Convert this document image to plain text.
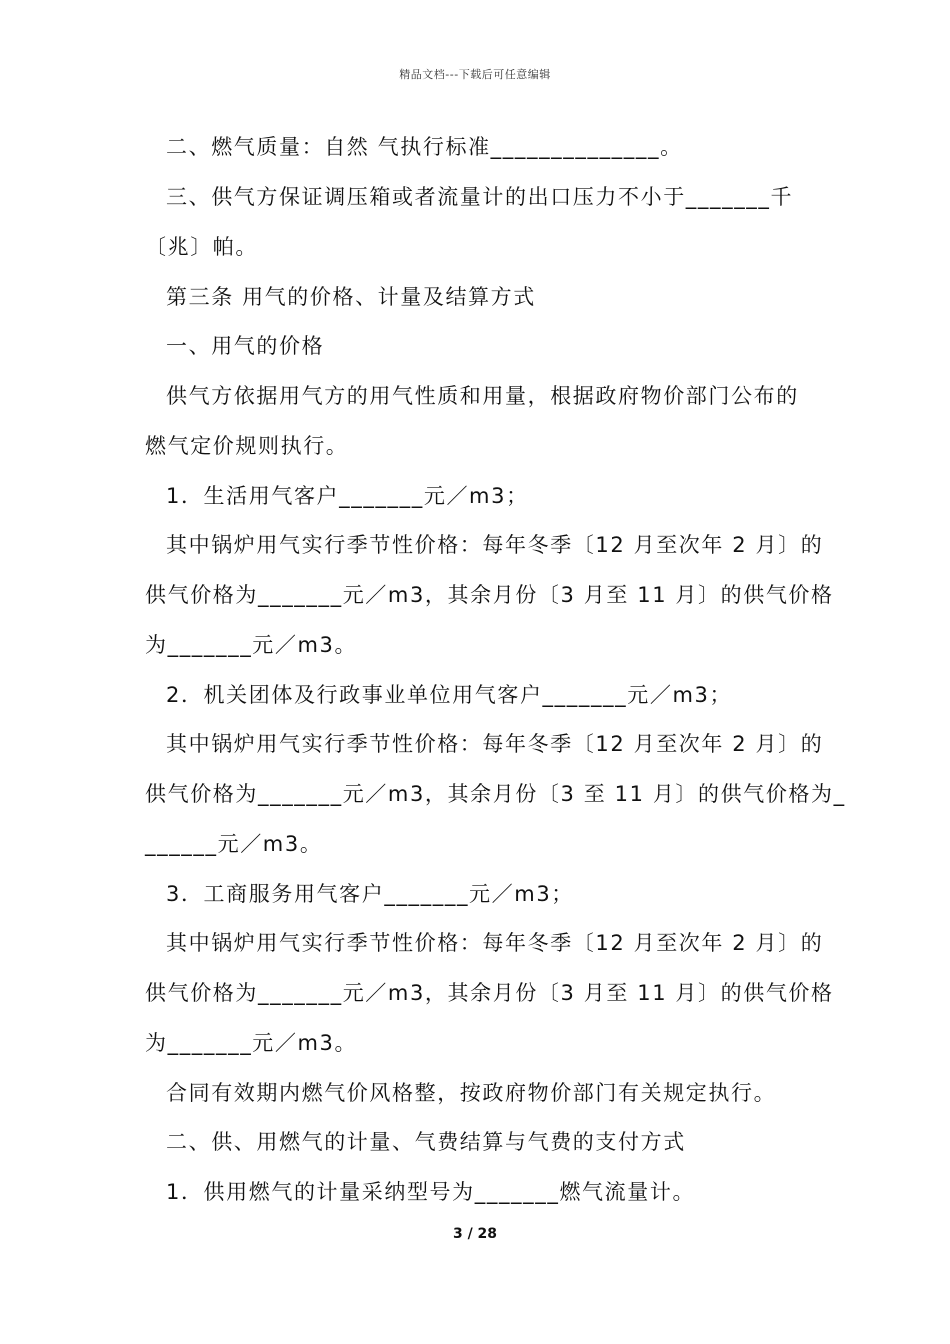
精品文档---下载后可任意编辑
二、燃气质量：自然 气执行标准______________。
三、供气方保证调压箱或者流量计的出口压力不小于_______千
〔兆〕帕。
第三条 用气的价格、计量及结算方式
一、用气的价格
供气方依据用气方的用气性质和用量，根据政府物价部门公布的
燃气定价规则执行。
1．生活用气客户_______元／m3；
其中锅炉用气实行季节性价格：每年冬季〔12 月至次年 2 月〕的
供气价格为_______元／m3，其余月份〔3 月至 11 月〕的供气价格
为_______元／m3。
2．机关团体及行政事业单位用气客户_______元／m3；
其中锅炉用气实行季节性价格：每年冬季〔12 月至次年 2 月〕的
供气价格为_______元／m3，其余月份〔3 至 11 月〕的供气价格为_
______元／m3。
3．工商服务用气客户_______元／m3；
其中锅炉用气实行季节性价格：每年冬季〔12 月至次年 2 月〕的
供气价格为_______元／m3，其余月份〔3 月至 11 月〕的供气价格
为_______元／m3。
合同有效期内燃气价风格整，按政府物价部门有关规定执行。
二、供、用燃气的计量、气费结算与气费的支付方式
1．供用燃气的计量采纳型号为_______燃气流量计。
3 / 28
